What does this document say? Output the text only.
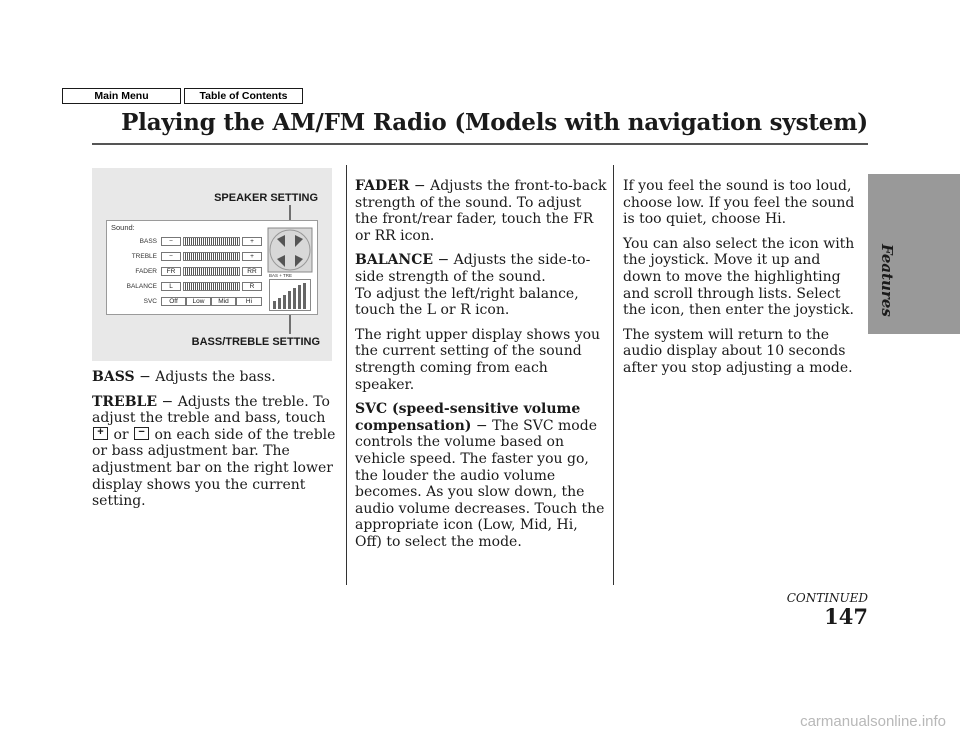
Main Menu	Table of Contents
Playing the AM/FM Radio (Models with navigation system)
Features
SPEAKER SETTING
Sound:
BASS	−	+
TREBLE	−	+
FADER	FR	RR
BALANCE	L	R
SVC	Off	Low	Mid	Hi
BAS + TRE
BASS/TREBLE SETTING

BASS − Adjusts the bass.

TREBLE − Adjusts the treble. To adjust the treble and bass, touch
+ or − on each side of the treble or bass adjustment bar. The adjustment bar on the right lower display shows you the current setting.

FADER − Adjusts the front-to-back strength of the sound. To adjust the front/rear fader, touch the FR or RR icon.

BALANCE − Adjusts the side-to-side strength of the sound.

To adjust the left/right balance, touch the L or R icon.

The right upper display shows you the current setting of the sound strength coming from each speaker.

SVC (speed-sensitive volume compensation) − The SVC mode controls the volume based on vehicle speed. The faster you go, the louder the audio volume becomes. As you slow down, the audio volume decreases. Touch the appropriate icon (Low, Mid, Hi, Off) to select the mode.

If you feel the sound is too loud, choose low. If you feel the sound is too quiet, choose Hi.

You can also select the icon with the joystick. Move it up and down to move the highlighting and scroll through lists. Select the icon, then enter the joystick.

The system will return to the audio display about 10 seconds after you stop adjusting a mode.

CONTINUED
147
carmanualsonline.info
